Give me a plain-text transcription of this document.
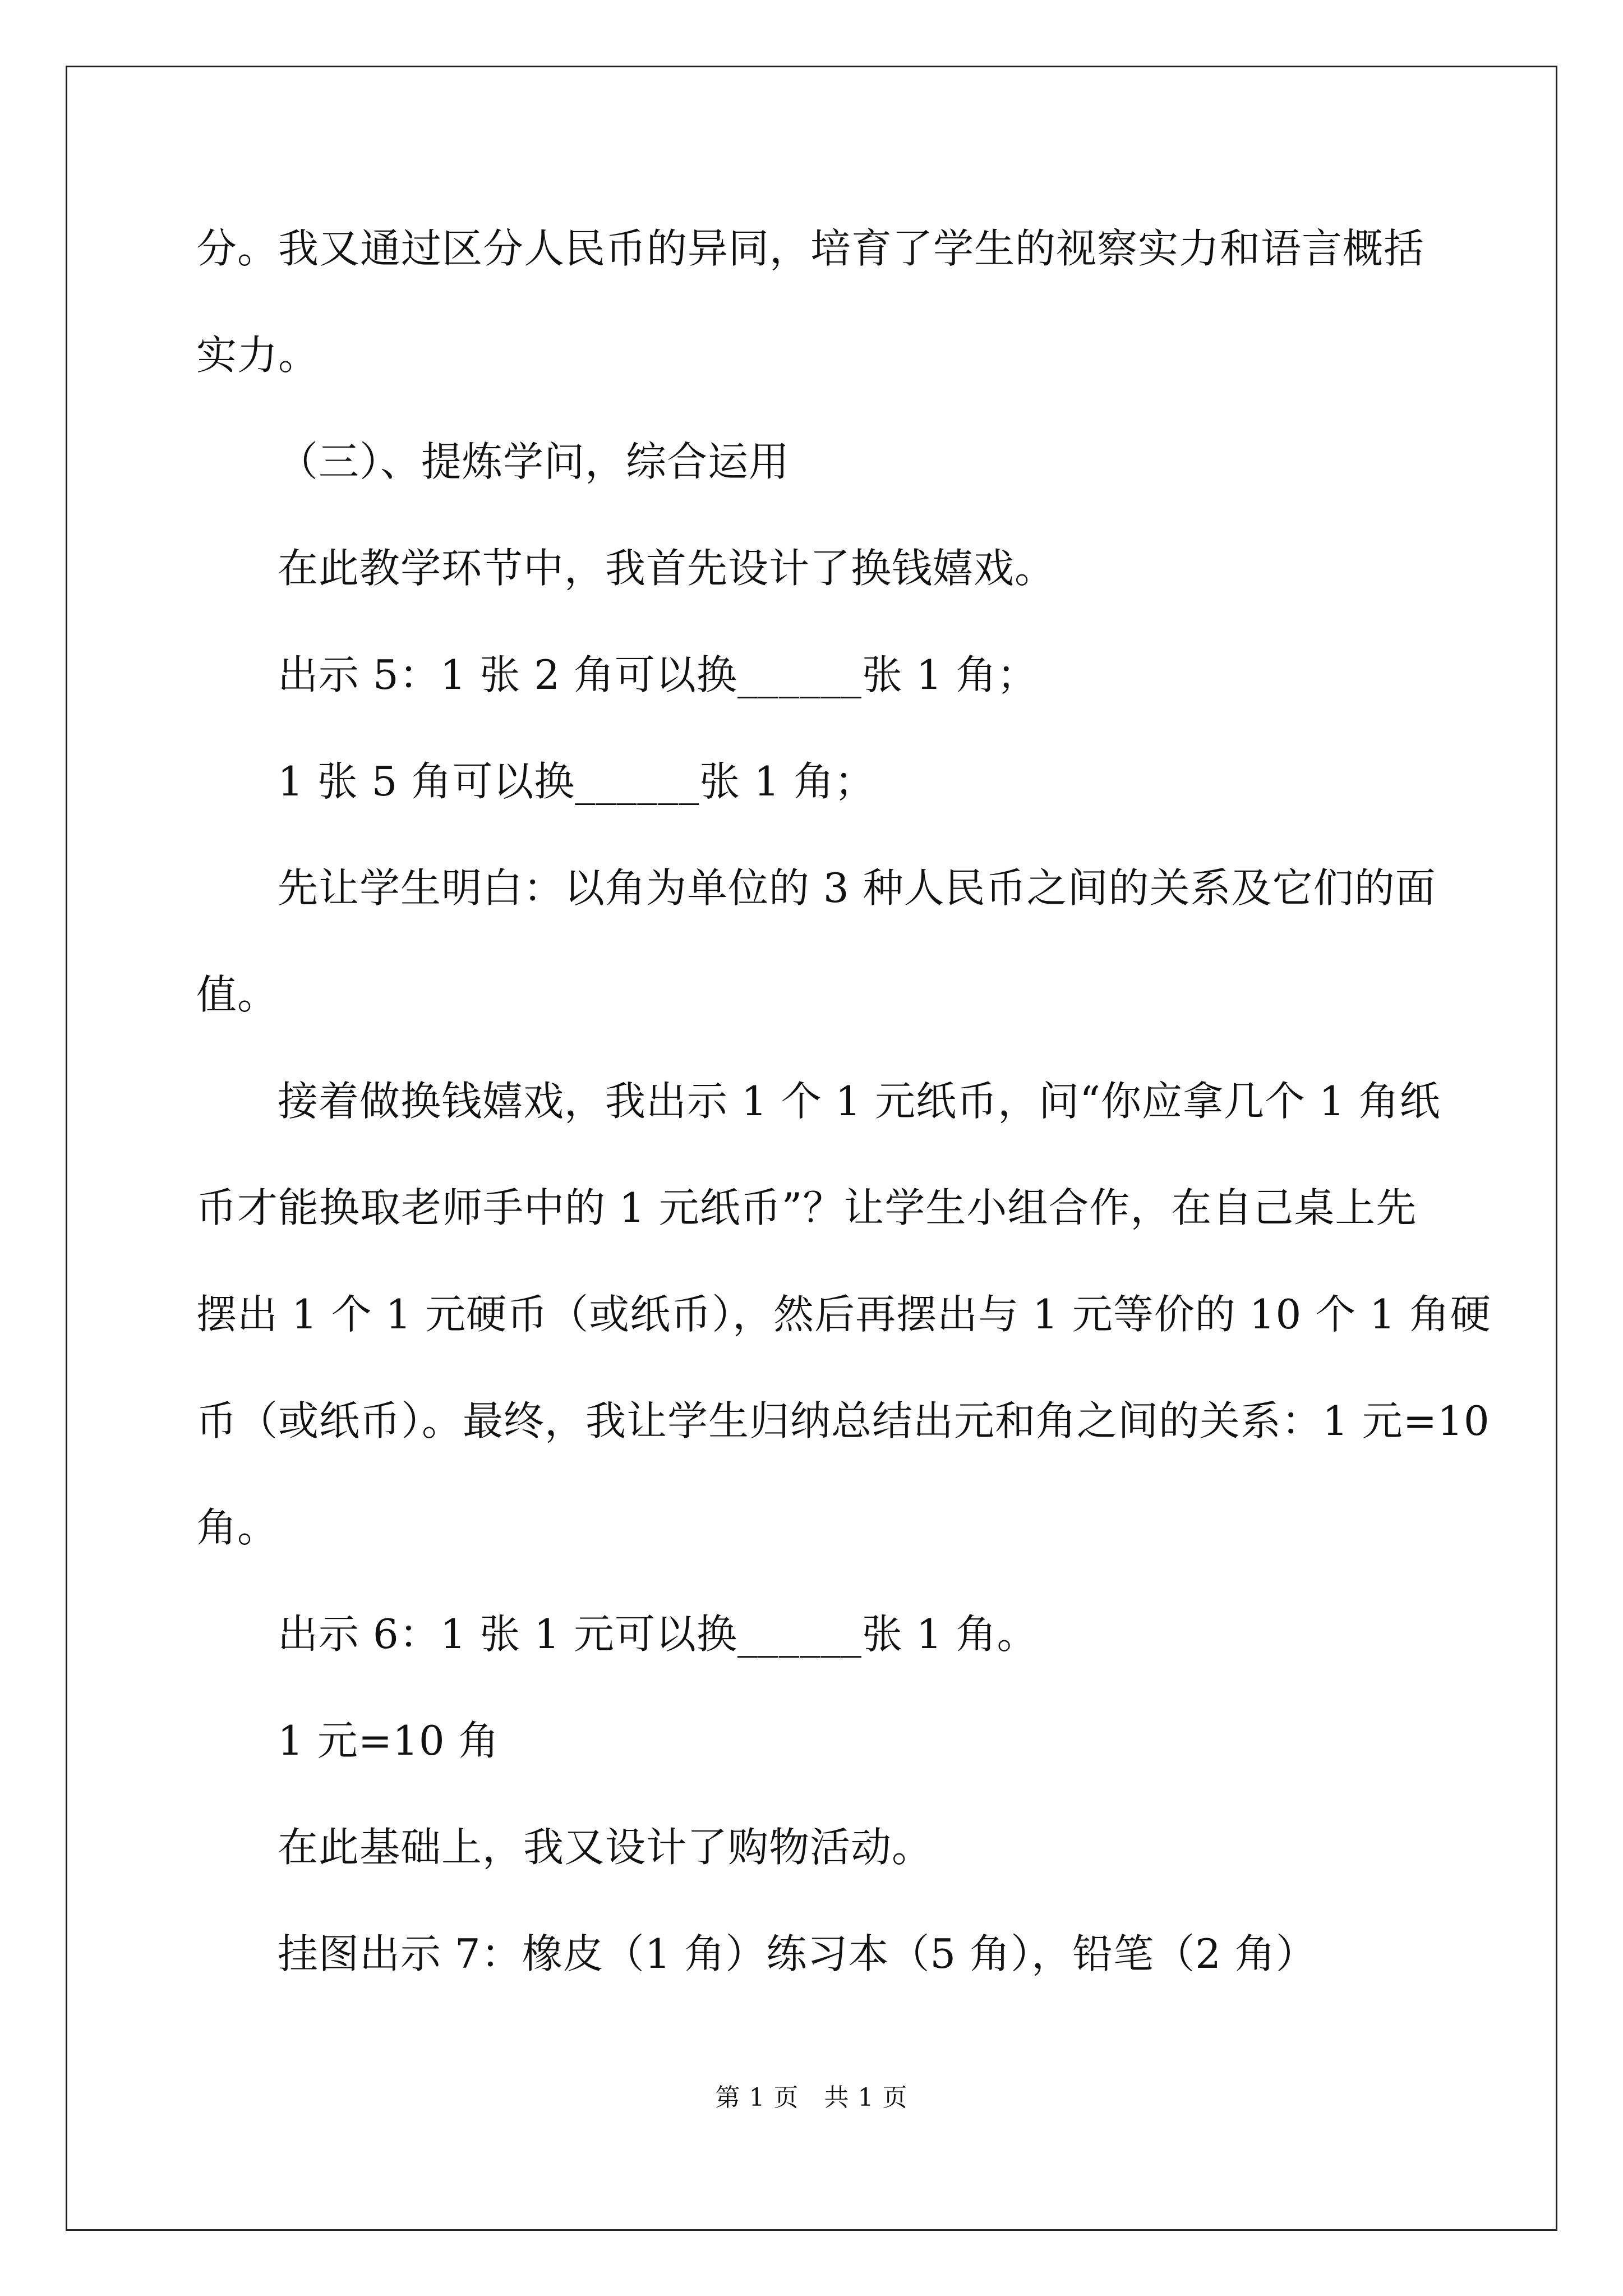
分。我又通过区分人民币的异同，培育了学生的视察实力和语言概括
实力。
（三）、提炼学问，综合运用
在此教学环节中，我首先设计了换钱嬉戏。
出示 5：1 张 2 角可以换______张 1 角；
1 张 5 角可以换______张 1 角；
先让学生明白：以角为单位的 3 种人民币之间的关系及它们的面
值。
接着做换钱嬉戏，我出示 1 个 1 元纸币，问“你应拿几个 1 角纸
币才能换取老师手中的 1 元纸币”？让学生小组合作，在自己桌上先
摆出 1 个 1 元硬币（或纸币），然后再摆出与 1 元等价的 10 个 1 角硬
币（或纸币）。最终，我让学生归纳总结出元和角之间的关系：1 元=10
角。
出示 6：1 张 1 元可以换______张 1 角。
1 元=10 角
在此基础上，我又设计了购物活动。
挂图出示 7：橡皮（1 角）练习本（5 角），铅笔（2 角）
第 1 页　共 1 页
